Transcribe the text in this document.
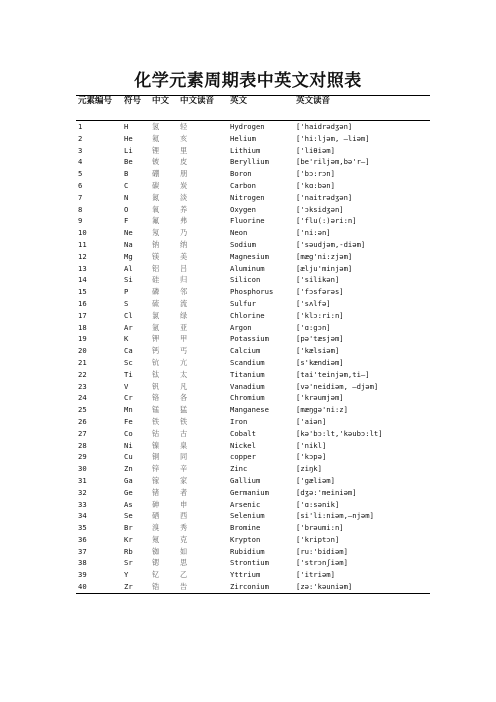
化学元素周期表中英文对照表
元素编号	符号	中文	中文读音	英文	英文读音
1	H	氢	轻	Hydrogen	['haidrədʒən]
2	He	氦	亥	Helium	['hi:ljəm, —liəm]
3	Li	锂	里	Lithium	['liθiəm]
4	Be	铍	皮	Beryllium	[be'riljəm,bə'r—]
5	B	硼	朋	Boron	['bɔ:rɔn]
6	C	碳	炭	Carbon	['kɑ:bən]
7	N	氮	淡	Nitrogen	['naitrədʒən]
8	O	氧	养	Oxygen	['ɔksidʒən]
9	F	氟	弗	Fluorine	['flu(:)əri:n]
10	Ne	氖	乃	Neon	['ni:ən]
11	Na	钠	纳	Sodium	['səudjəm,-diəm]
12	Mg	镁	美	Magnesium	[mæg'ni:zjəm]
13	Al	铝	吕	Aluminum	[ælju'minjəm]
14	Si	硅	归	Silicon	['silikən]
15	P	磷	邻	Phosphorus	['fɔsfərəs]
16	S	硫	流	Sulfur	['sʌlfə]
17	Cl	氯	绿	Chlorine	['klɔ:ri:n]
18	Ar	氩	亚	Argon	['ɑ:gɔn]
19	K	钾	甲	Potassium	[pə'tæsjəm]
20	Ca	钙	丐	Calcium	['kælsiəm]
21	Sc	钪	亢	Scandium	[s'kændiəm]
22	Ti	钛	太	Titanium	[tai'teinjəm,ti—]
23	V	钒	凡	Vanadium	[və'neidiəm, —djəm]
24	Cr	铬	各	Chromium	['krəumjəm]
25	Mn	锰	猛	Manganese	[mæŋgə'ni:z]
26	Fe	铁	铁	Iron	['aiən]
27	Co	钴	古	Cobalt	[kə'bɔ:lt,'kəubɔ:lt]
28	Ni	镍	臬	Nickel	['nikl]
29	Cu	铜	同	copper	['kɔpə]
30	Zn	锌	辛	Zinc	[ziŋk]
31	Ga	镓	家	Gallium	['gæliəm]
32	Ge	锗	者	Germanium	[dʒə:'meiniəm]
33	As	砷	申	Arsenic	['ɑ:sənik]
34	Se	硒	西	Selenium	[si'li:niəm,—njəm]
35	Br	溴	秀	Bromine	['brəumi:n]
36	Kr	氪	克	Krypton	['kriptɔn]
37	Rb	铷	如	Rubidium	[ru:'bidiəm]
38	Sr	锶	思	Strontium	['strɔnʃiəm]
39	Y	钇	乙	Yttrium	['itriəm]
40	Zr	锆	告	Zirconium	[zə:'kəuniəm]
